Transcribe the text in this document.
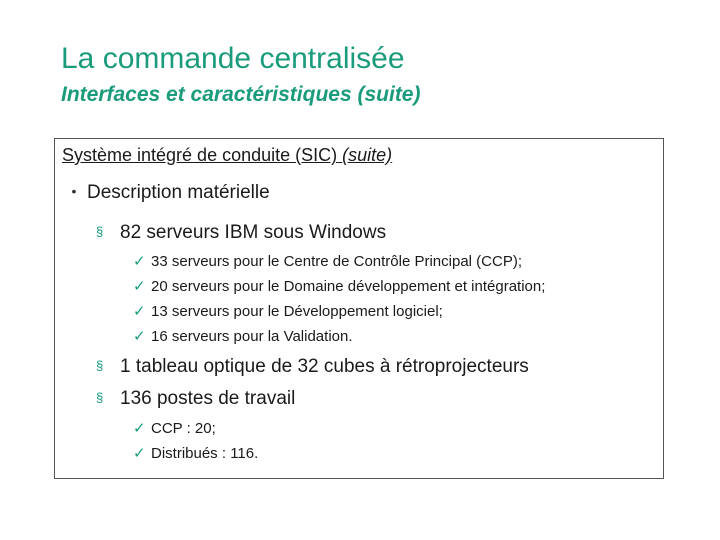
La commande centralisée
Interfaces et caractéristiques (suite)
Système intégré de conduite (SIC) (suite)
• Description matérielle
§ 82 serveurs IBM sous Windows
✓ 33 serveurs pour le Centre de Contrôle Principal (CCP);
✓ 20 serveurs pour le Domaine développement et intégration;
✓ 13 serveurs pour le Développement logiciel;
✓ 16 serveurs pour la Validation.
§ 1 tableau optique de 32 cubes à rétroprojecteurs
§ 136 postes de travail
✓ CCP : 20;
✓ Distribués : 116.
